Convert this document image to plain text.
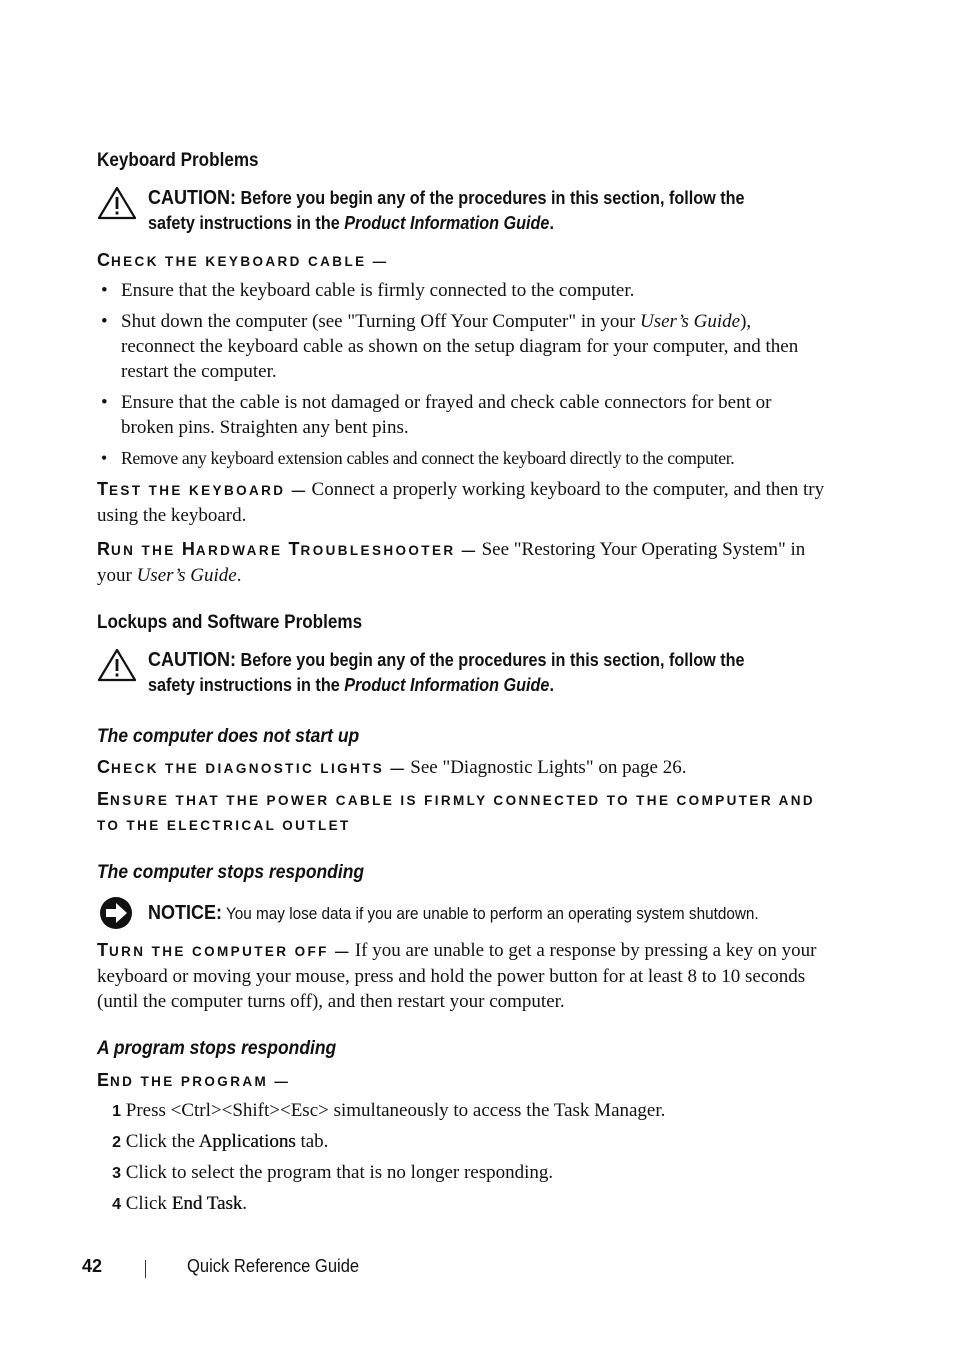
Keyboard Problems
CAUTION: Before you begin any of the procedures in this section, follow the safety instructions in the Product Information Guide.
CHECK THE KEYBOARD CABLE —
• Ensure that the keyboard cable is firmly connected to the computer.
• Shut down the computer (see "Turning Off Your Computer" in your User’s Guide), reconnect the keyboard cable as shown on the setup diagram for your computer, and then restart the computer.
• Ensure that the cable is not damaged or frayed and check cable connectors for bent or broken pins. Straighten any bent pins.
• Remove any keyboard extension cables and connect the keyboard directly to the computer.
TEST THE KEYBOARD — Connect a properly working keyboard to the computer, and then try using the keyboard.
RUN THE HARDWARE TROUBLESHOOTER — See "Restoring Your Operating System" in your User’s Guide.
Lockups and Software Problems
CAUTION: Before you begin any of the procedures in this section, follow the safety instructions in the Product Information Guide.
The computer does not start up
CHECK THE DIAGNOSTIC LIGHTS — See "Diagnostic Lights" on page 26.
ENSURE THAT THE POWER CABLE IS FIRMLY CONNECTED TO THE COMPUTER AND TO THE ELECTRICAL OUTLET
The computer stops responding
NOTICE: You may lose data if you are unable to perform an operating system shutdown.
TURN THE COMPUTER OFF — If you are unable to get a response by pressing a key on your keyboard or moving your mouse, press and hold the power button for at least 8 to 10 seconds (until the computer turns off), and then restart your computer.
A program stops responding
END THE PROGRAM —
1 Press <Ctrl><Shift><Esc> simultaneously to access the Task Manager.
2 Click the Applications tab.
3 Click to select the program that is no longer responding.
4 Click End Task.
42	Quick Reference Guide
